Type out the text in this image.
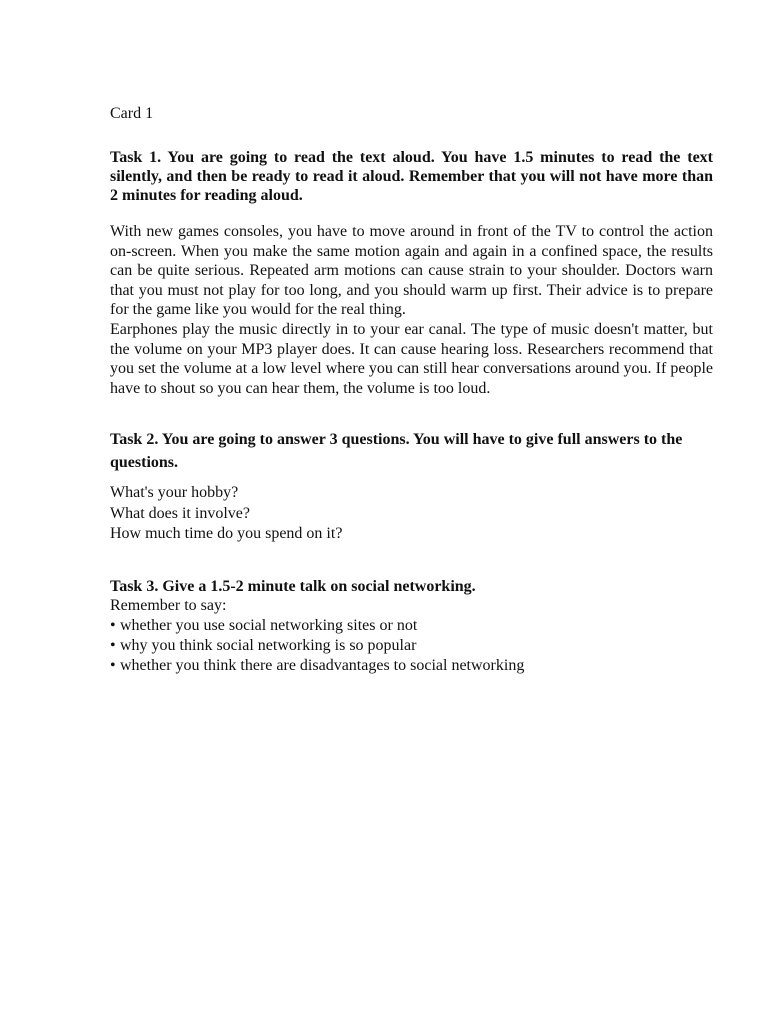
Card 1

Task 1. You are going to read the text aloud. You have 1.5 minutes to read the text silently, and then be ready to read it aloud. Remember that you will not have more than 2 minutes for reading aloud.

With new games consoles, you have to move around in front of the TV to control the action on-screen. When you make the same motion again and again in a confined space, the results can be quite serious. Repeated arm motions can cause strain to your shoulder. Doctors warn that you must not play for too long, and you should warm up first. Their advice is to prepare for the game like you would for the real thing.

Earphones play the music directly in to your ear canal. The type of music doesn't matter, but the volume on your MP3 player does. It can cause hearing loss. Researchers recommend that you set the volume at a low level where you can still hear conversations around you. If people have to shout so you can hear them, the volume is too loud.

Task 2. You are going to answer 3 questions. You will have to give full answers to the questions.

What's your hobby?
What does it involve?
How much time do you spend on it?

Task 3. Give a 1.5-2 minute talk on social networking.

Remember to say:

• whether you use social networking sites or not
• why you think social networking is so popular
• whether you think there are disadvantages to social networking
